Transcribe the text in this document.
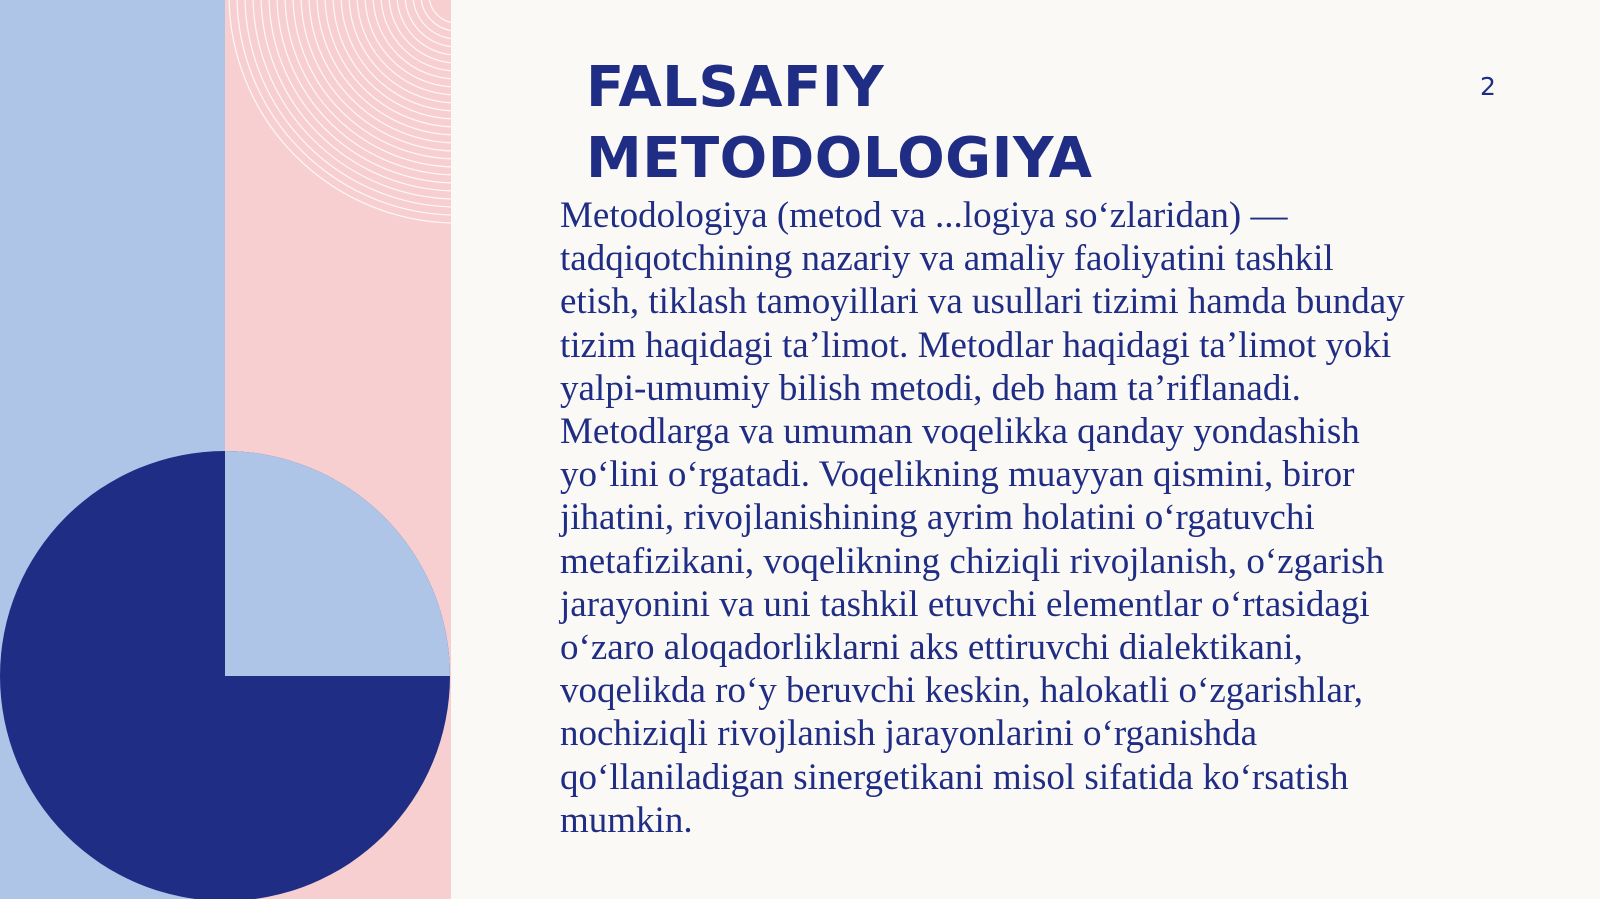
FALSAFIY
METODOLOGIYA
2

Metodologiya (metod va ...logiya so‘zlaridan) —
tadqiqotchining nazariy va amaliy faoliyatini tashkil
etish, tiklash tamoyillari va usullari tizimi hamda bunday
tizim haqidagi ta’limot. Metodlar haqidagi ta’limot yoki
yalpi-umumiy bilish metodi, deb ham ta’riflanadi.
Metodlarga va umuman voqelikka qanday yondashish
yo‘lini o‘rgatadi. Voqelikning muayyan qismini, biror
jihatini, rivojlanishining ayrim holatini o‘rgatuvchi
metafizikani, voqelikning chiziqli rivojlanish, o‘zgarish
jarayonini va uni tashkil etuvchi elementlar o‘rtasidagi
o‘zaro aloqadorliklarni aks ettiruvchi dialektikani,
voqelikda ro‘y beruvchi keskin, halokatli o‘zgarishlar,
nochiziqli rivojlanish jarayonlarini o‘rganishda
qo‘llaniladigan sinergetikani misol sifatida ko‘rsatish
mumkin.
